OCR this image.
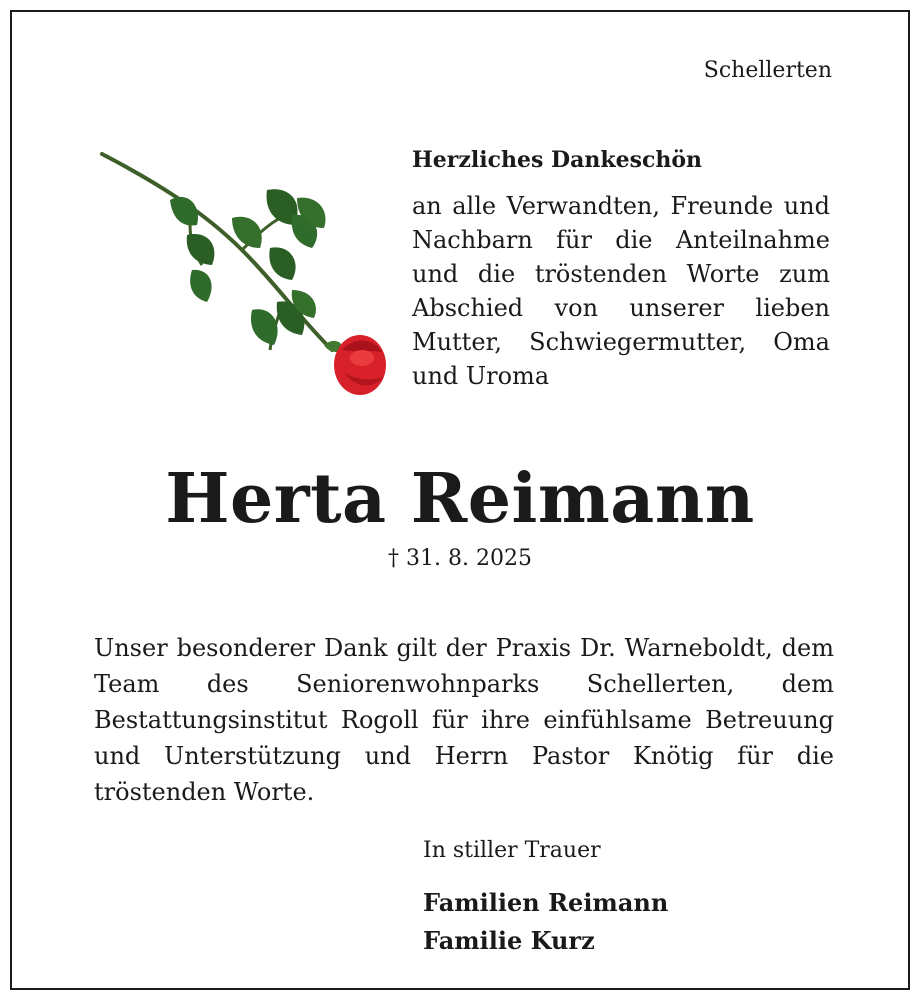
Schellerten
Herzliches Dankeschön

an alle Verwandten, Freunde und Nachbarn für die Anteilnahme und die tröstenden Worte zum Abschied von unserer lieben Mutter, Schwiegermutter, Oma und Uroma

Herta Reimann
† 31. 8. 2025

Unser besonderer Dank gilt der Praxis Dr. Warneboldt, dem Team des Seniorenwohnparks Schellerten, dem Bestattungsinstitut Rogoll für ihre einfühlsame Betreuung und Unterstützung und Herrn Pastor Knötig für die tröstenden Worte.

In stiller Trauer
Familien Reimann
Familie Kurz
